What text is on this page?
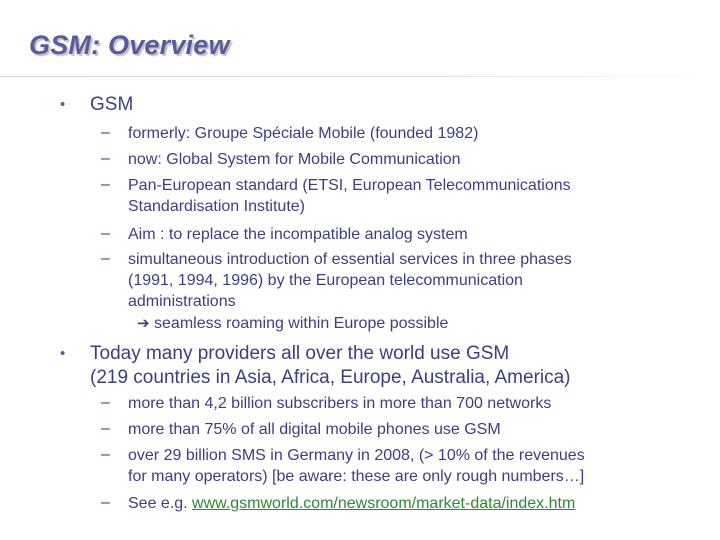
GSM: Overview
• GSM
– formerly: Groupe Spéciale Mobile (founded 1982)
– now: Global System for Mobile Communication
– Pan-European standard (ETSI, European Telecommunications
Standardisation Institute)
– Aim : to replace the incompatible analog system
– simultaneous introduction of essential services in three phases
(1991, 1994, 1996) by the European telecommunication
administrations
➔ seamless roaming within Europe possible
• Today many providers all over the world use GSM
(219 countries in Asia, Africa, Europe, Australia, America)
– more than 4,2 billion subscribers in more than 700 networks
– more than 75% of all digital mobile phones use GSM
– over 29 billion SMS in Germany in 2008, (> 10% of the revenues
for many operators) [be aware: these are only rough numbers…]
– See e.g. www.gsmworld.com/newsroom/market-data/index.htm
